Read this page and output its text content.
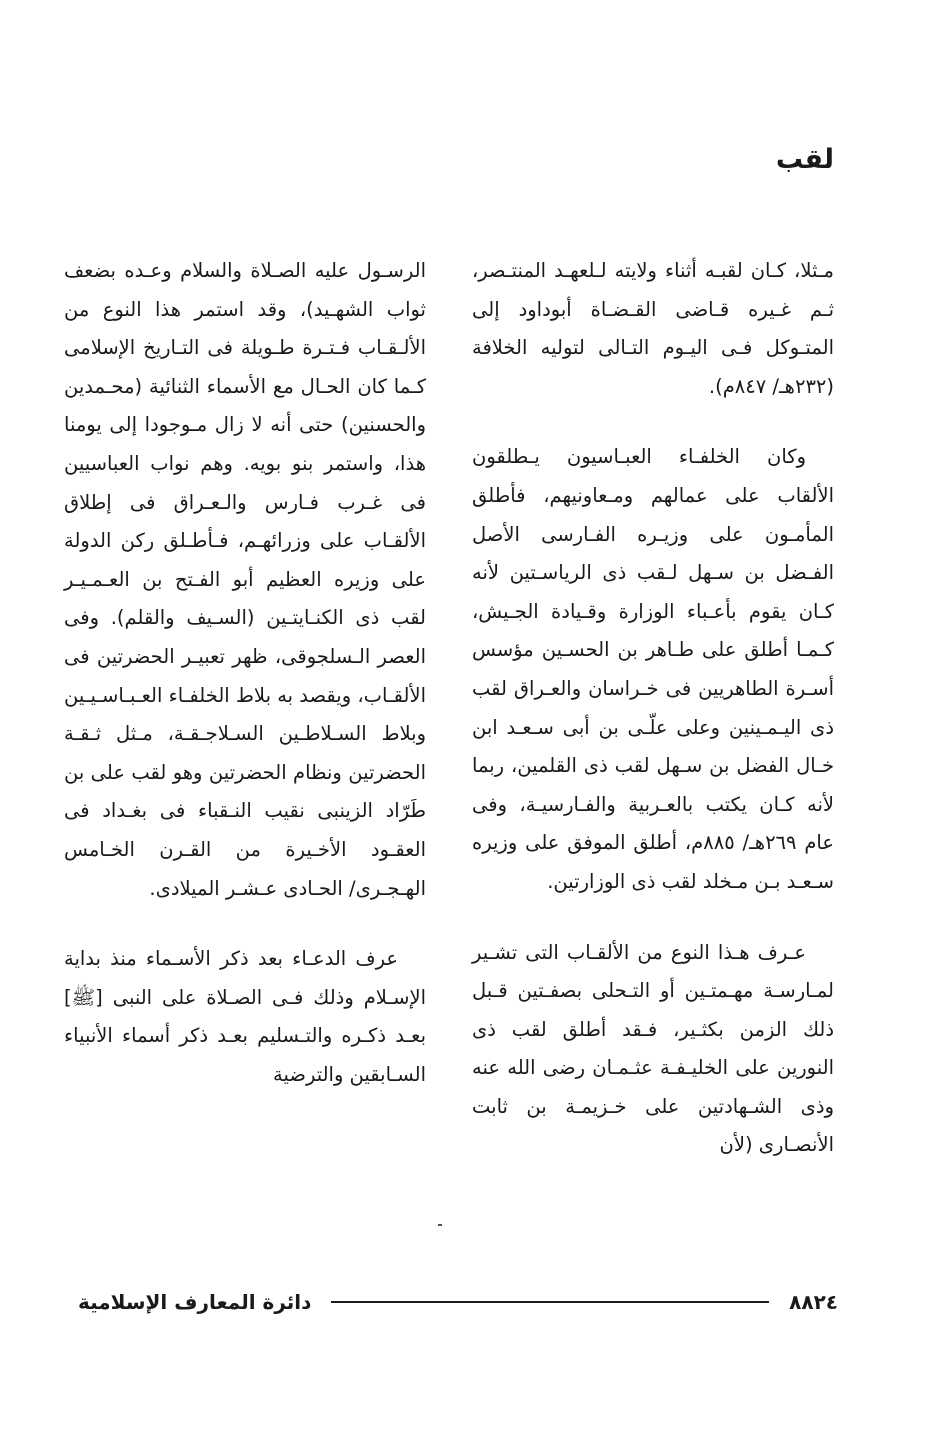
لقب

مـثلا، كـان لقبـه أثناء ولايته لـلعهـد المنتـصر، ثـم غـيره قـاضى القـضـاة أبوداود إلى المتـوكل فـى اليـوم التـالى لتوليه الخلافة (٢٣٢هـ/ ٨٤٧م).

وكان الخلفـاء العبـاسيون يـطلقون الألقاب على عمالهم ومـعاونيهم، فأطلق المأمـون على وزيـره الفـارسى الأصل الفـضل بن سـهل لـقب ذى الرياسـتين لأنه كـان يقوم بأعـباء الوزارة وقـيادة الجـيش، كـمـا أطلق على طـاهر بن الحسـين مؤسس أسـرة الطاهريين فى خـراسان والعـراق لقب ذى اليـمـينين وعلى علّـى بن أبى سـعـد ابن خـال الفضل بن سـهل لقب ذى القلمين، ربما لأنه كـان يكتب بالعـربية والفـارسيـة، وفى عام ٢٦٩هـ/ ٨٨٥م، أطلق الموفق على وزيره سـعـد بـن مـخلد لقب ذى الوزارتين.

عـرف هـذا النوع من الألقـاب التى تشـير لمـارسـة مهـمتـين أو التـحلى بصفـتين قـبل ذلك الزمن بكثـير، فـقد أطلق لقب ذى النورين على الخليـفـة عثـمـان رضى الله عنه وذى الشـهادتين على خـزيمـة بن ثابت الأنصـارى (لأن

الرسـول عليه الصـلاة والسلام وعـده بضعف ثواب الشهـيد)، وقد استمر هذا النوع من الألـقـاب فـتـرة طـويلة فى التـاريخ الإسلامى كـما كان الحـال مع الأسماء الثنائية (محـمدين والحسنين) حتى أنه لا زال مـوجودا إلى يومنا هذا، واستمر بنو بويه. وهم نواب العباسيين فى غـرب فـارس والـعـراق فى إطلاق الألقـاب على وزرائهـم، فـأطـلق ركن الدولة على وزيره العظيم أبو الفـتح بن العـمـيـر لقب ذى الكنـايتـين (السـيف والقلم). وفى العصر الـسلجوقى، ظهر تعبيـر الحضرتين فى الألقـاب، ويقصد به بلاط الخلفـاء العـبـاسـيـين وبلاط السـلاطـين السـلاجـقـة، مـثل ثـقـة الحضرتين ونظام الحضرتين وهو لقب على بن طَرّاد الزينبى نقيب النـقباء فى بغـداد فى العقـود الأخـيرة من القـرن الخـامس الهـجـرى/ الحـادى عـشـر الميلادى.

عرف الدعـاء بعد ذكر الأسـماء منذ بداية الإسـلام وذلك فـى الصـلاة على النبى [ﷺ] بعـد ذكـره والتـسليم بعـد ذكر أسماء الأنبياء السـابقين والترضية

٨٨٢٤
دائرة المعارف الإسلامية
